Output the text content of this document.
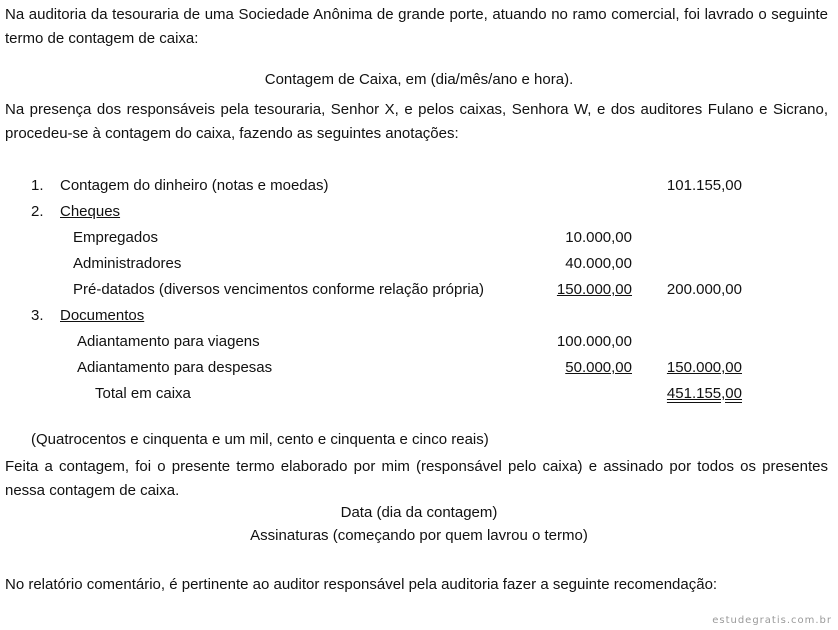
Na auditoria da tesouraria de uma Sociedade Anônima de grande porte, atuando no ramo comercial, foi lavrado o seguinte termo de contagem de caixa:
Contagem de Caixa, em (dia/mês/ano e hora).
Na presença dos responsáveis pela tesouraria, Senhor X, e pelos caixas, Senhora W, e dos auditores Fulano e Sicrano, procedeu-se à contagem do caixa, fazendo as seguintes anotações:
1. Contagem do dinheiro (notas e moedas)	101.155,00
2. Cheques
Empregados	10.000,00
Administradores	40.000,00
Pré-datados (diversos vencimentos conforme relação própria)	150.000,00 200.000,00
3. Documentos
Adiantamento para viagens	100.000,00
Adiantamento para despesas	50.000,00	150.000,00
Total em caixa	451.155,00
(Quatrocentos e cinquenta e um mil, cento e cinquenta e cinco reais)
Feita a contagem, foi o presente termo elaborado por mim (responsável pelo caixa) e assinado por todos os presentes nessa contagem de caixa.
Data (dia da contagem)
Assinaturas (começando por quem lavrou o termo)
No relatório comentário, é pertinente ao auditor responsável pela auditoria fazer a seguinte recomendação:
estudegratis.com.br
